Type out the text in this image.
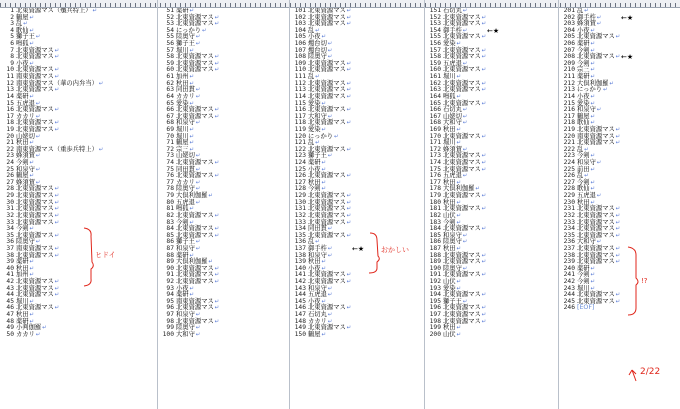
1 北東資源マス（殲兵特上）↵
2 鶴屋↵
3 乱↵
4 歌仙↵
5 獅子王↵
6 鳴狐↵
7 北東資源マス↵
8 北東資源マス↵
9 小夜↵
10 北東資源マス↵
11 南東資源マス↵
12 南東資源マス（華の内弁当）↵
13 北東資源マス↵
14 薬研↵
15 五虎退↵
16 北東資源マス↵
17 カカリ↵
18 北東資源マス↵
19 北東資源マス↵
20 山姥切↵
21 秋田↵
22 南東資源マス（重歩兵特上）↵
23 蜂須賀↵
24 今剣↵
25 和泉守↵
26 鶴屋↵
27 蜂須賀↵
28 北東資源マス↵
29 北東資源マス↵
30 北東資源マス↵
31 北東資源マス↵
32 北東資源マス↵
33 北東資源マス↵
34 今剣↵
35 北東資源マス↵
36 陸奥守↵
37 南東資源マス↵
38 北東資源マス↵
39 薬研↵
40 秋田↵
41 加州↵
42 北東資源マス↵
43 北東資源マス↵
44 北東資源マス↵
45 堀川↵
46 北東資源マス↵
47 秋田↵
48 薬研↵
49 小判伽羅↵
50 カカリ↵
51 薬研↵
52 北東資源マス↵
53 北東資源マス↵
54 にっかり↵
55 陸奥守↵
56 獅子王↵
57 堀川↵
58 北東資源マス↵
59 北東資源マス↵
60 北東資源マス↵
61 加州↵
62 秋田↵
63 同田貫↵
64 カカリ↵
65 愛染↵
66 北東資源マス↵
67 北東資源マス↵
68 和泉守↵
69 堀川↵
70 堀川↵
71 鶴屋↵
72 宗三↵
73 山姥切↵
74 北東資源マス↵
75 同田貫↵
76 北東資源マス↵
77 カカリ↵
78 陸奥守↵
79 大倶利伽羅↵
80 五虎退↵
81 鳴狐↵
82 北東資源マス↵
83 今剣↵
84 北東資源マス↵
85 北東資源マス↵
86 獅子王↵
87 和泉守↵
88 薬研↵
89 大倶利伽羅↵
90 北東資源マス↵
91 北東資源マス↵
92 北東資源マス↵
93 小夜↵
94 薬研↵
95 南東資源マス↵
96 北東資源マス↵
97 和泉守↵
98 北東資源マス↵
99 陸奥守↵
100 大和守↵
101 北東資源マス↵
102 北東資源マス↵
103 北東資源マス↵
104 乱↵
105 小夜↵
106 燭台切↵
107 燭台切↵
108 陸奥守↵
109 北東資源マス↵
110 北東資源マス↵
111 乱↵
112 北東資源マス↵
113 北東資源マス↵
114 北東資源マス↵
115 愛染↵
116 北東資源マス↵
117 大和守↵
118 北東資源マス↵
119 愛染↵
120 にっかり↵
121 乱↵
122 北東資源マス↵
123 獅子王↵
124 薬研↵
125 小夜↵
126 北東資源マス↵
127 秋田↵
128 今剣↵
129 北東資源マス↵
130 北東資源マス↵
131 北東資源マス↵
132 北東資源マス↵
133 北東資源マス↵
134 同田貫↵
135 北東資源マス↵
136 乱↵
137 御手杵↵	←★
138 和泉守↵
139 秋田↵
140 小夜↵
141 北東資源マス↵
142 北東資源マス↵
143 和泉守↵
144 五虎退↵
145 小夜↵
146 北東資源マス↵
147 石切丸↵
148 カカリ↵
149 北東資源マス↵
150 鶴屋↵
151 石切丸↵
152 北東資源マス↵
153 北東資源マス↵
154 御手杵↵	←★
155 北東資源マス↵
156 愛染↵
157 北東資源マス↵
158 北東資源マス↵
159 五虎退↵
160 北東資源マス↵
161 堀川↵
162 北東資源マス↵
163 北東資源マス↵
164 鳴狐↵
165 北東資源マス↵
166 石切丸↵
167 山姥切↵
168 大和守↵
169 秋田↵
170 北東資源マス↵
171 堀川↵
172 蜂須賀↵
173 北東資源マス↵
174 北東資源マス↵
175 北東資源マス↵
176 五虎退↵
177 秋田↵
178 大倶利伽羅↵
179 北東資源マス↵
180 秋田↵
181 北東資源マス↵
182 山伏↵
183 今剣↵
184 北東資源マス↵
185 和泉守↵
186 陸奥守↵
187 秋田↵
188 北東資源マス↵
189 北東資源マス↵
190 陸奥守↵
191 北東資源マス↵
192 山伏↵
193 愛染↵
194 北東資源マス↵
195 獅子王↵
196 北東資源マス↵
197 北東資源マス↵
198 北東資源マス↵
199 秋田↵
200 山伏↵
201 乱↵
202 御手杵↵	←★
203 蜂須賀↵
204 小夜↵
205 北東資源マス↵
206 薬研↵
207 今剣↵
208 北東資源マス↵ ←★
209 今剣↵
210 宗三↵
211 薬研↵
212 大倶利伽羅↵
213 にっかり↵
214 小夜↵
215 愛染↵
216 和泉守↵
217 鶴屋↵
218 歌仙↵
219 北東資源マス↵
220 南東資源マス↵
221 北東資源マス↵
222 乱↵
223 今剣↵
224 和泉守↵
225 前田↵
226 乱↵
227 今剣↵
228 歌仙↵
229 五虎退↵
230 秋田↵
231 北東資源マス↵
232 北東資源マス↵
233 北東資源マス↵
234 北東資源マス↵
235 北東資源マス↵
236 大和守↵
237 北東資源マス↵
238 北東資源マス↵
239 北東資源マス↵
240 薬研↵
241 今剣↵
242 今剣↵
243 堀川↵
244 北東資源マス↵
245 北東資源マス↵
246 [EOF]
ヒドイ
おかしい
!?
2/22
